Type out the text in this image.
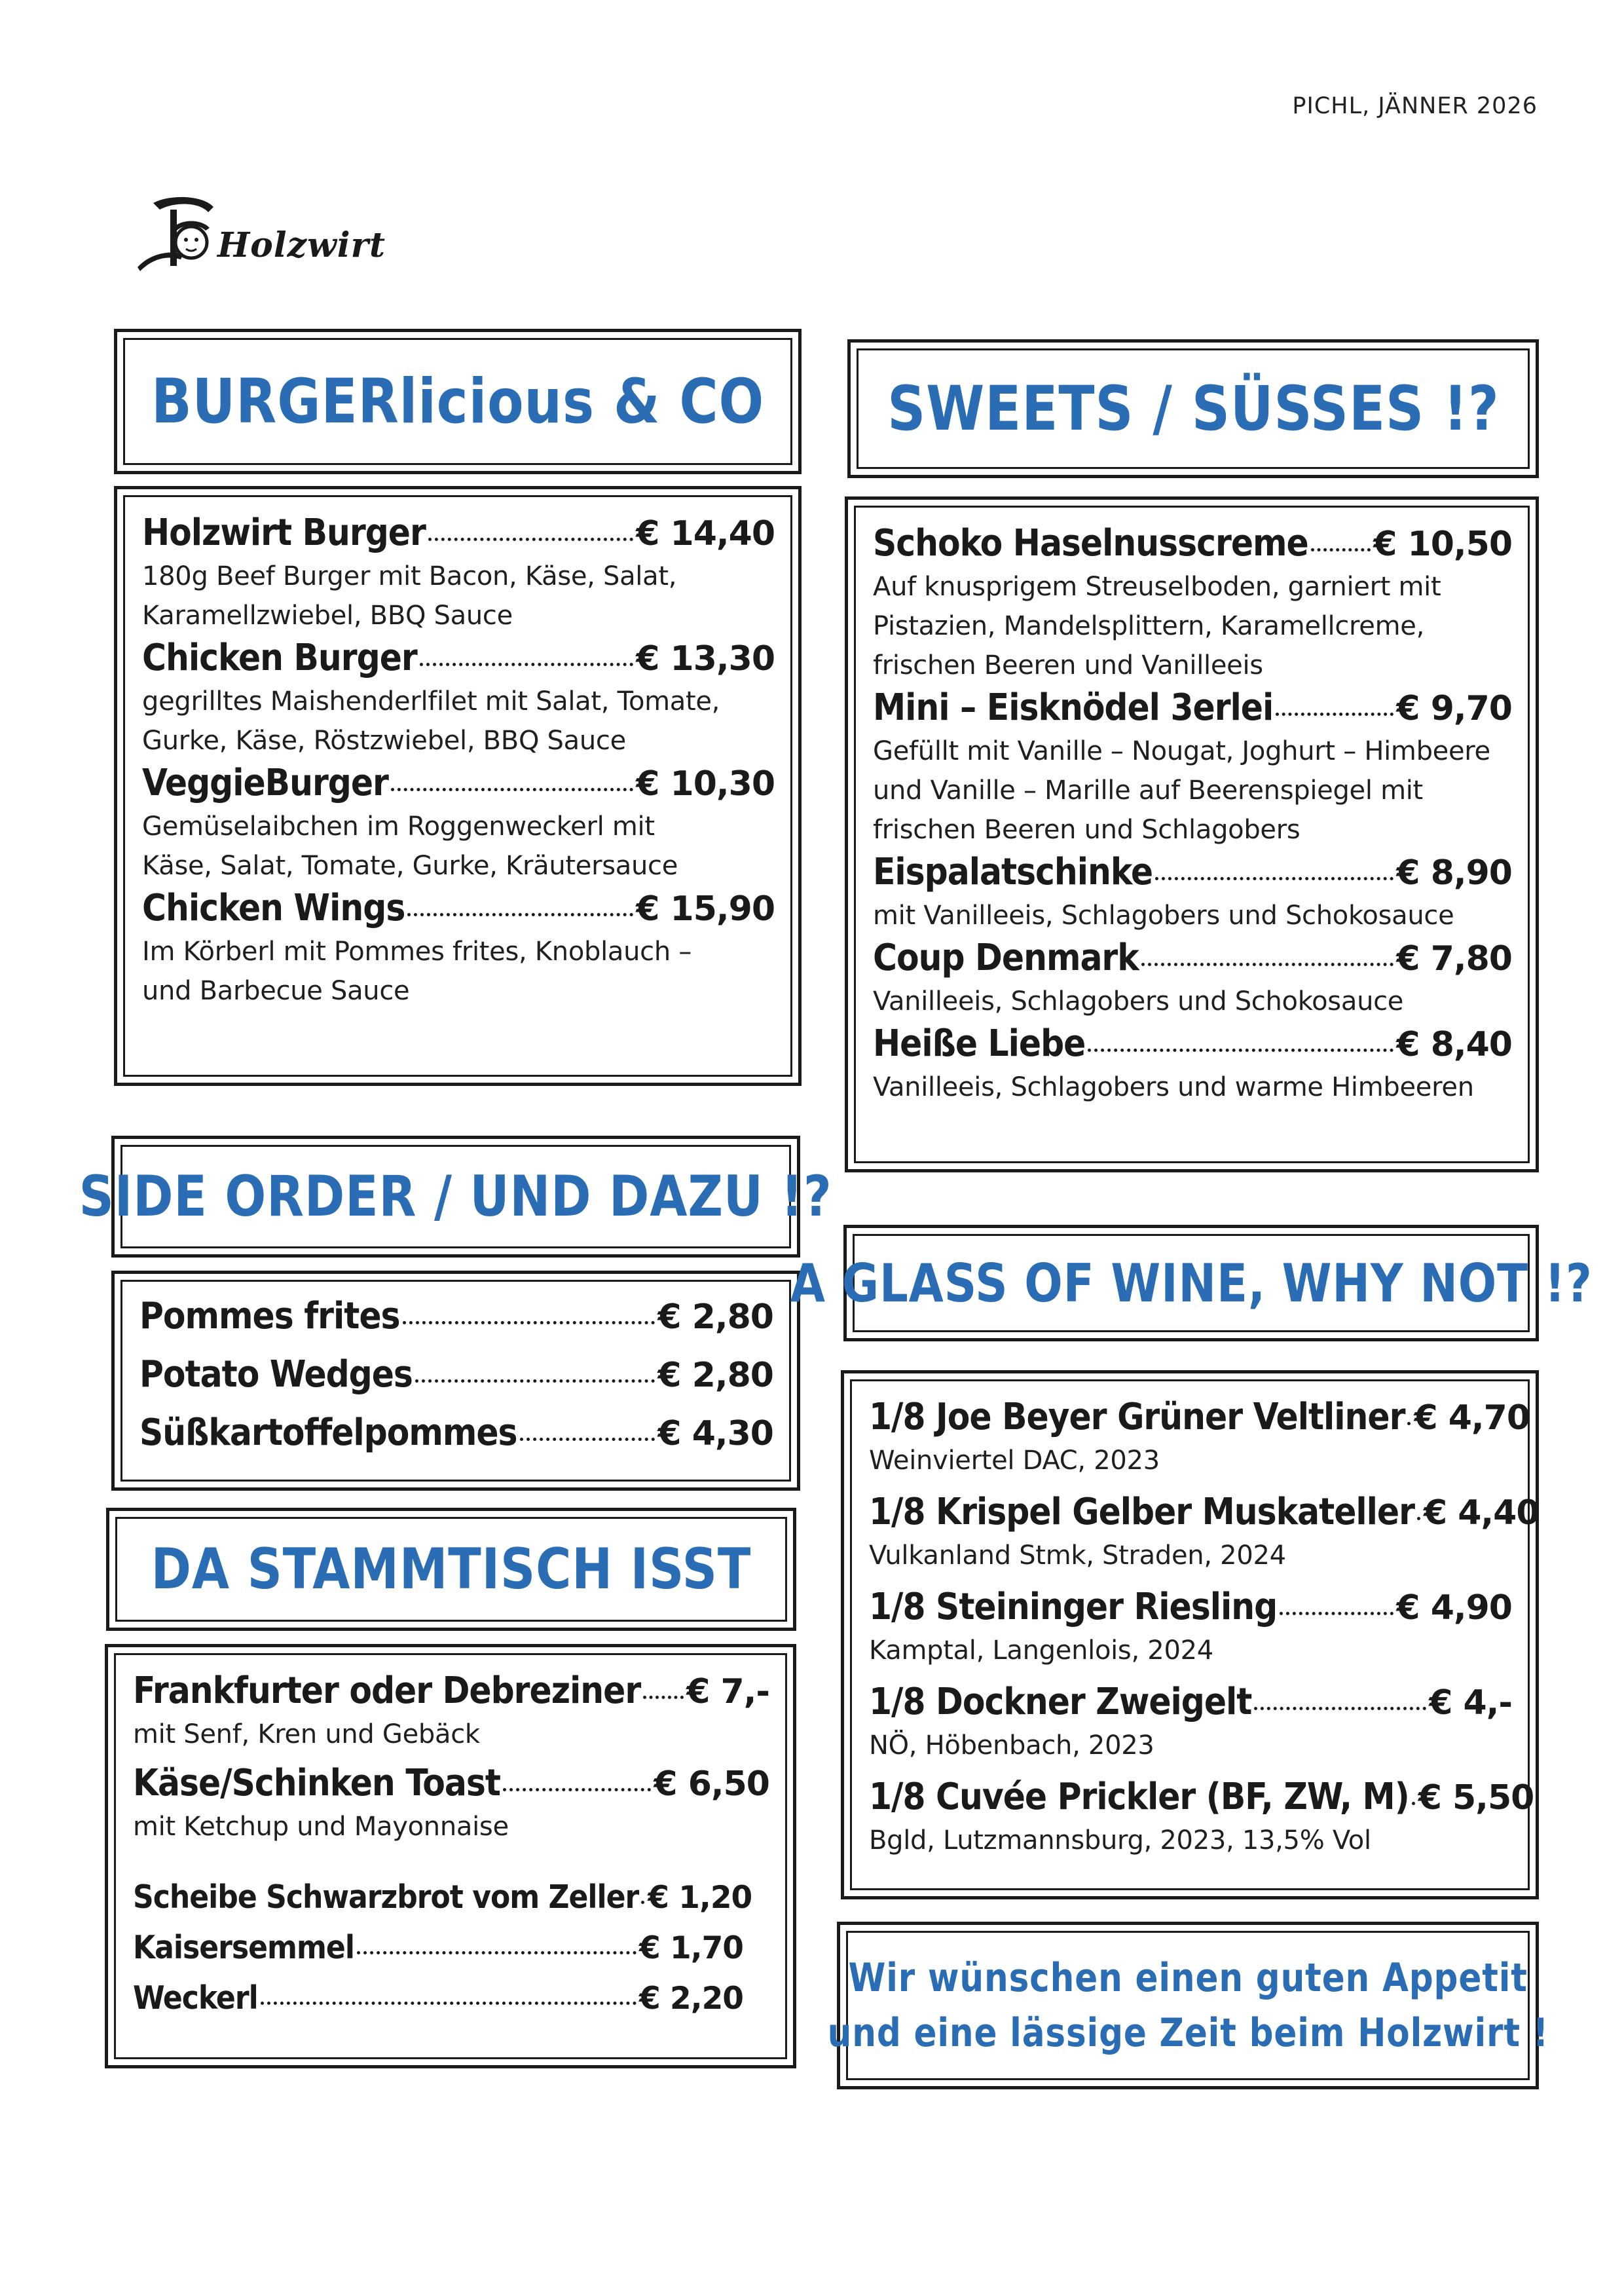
PICHL, JÄNNER 2026
Holzwirt
BURGERlicious & CO
Holzwirt Burger	€ 14,40
180g Beef Burger mit Bacon, Käse, Salat,
Karamellzwiebel, BBQ Sauce
Chicken Burger	€ 13,30
gegrilltes Maishenderlfilet mit Salat, Tomate,
Gurke, Käse, Röstzwiebel, BBQ Sauce
VeggieBurger	€ 10,30
Gemüselaibchen im Roggenweckerl mit
Käse, Salat, Tomate, Gurke, Kräutersauce
Chicken Wings	€ 15,90
Im Körberl mit Pommes frites, Knoblauch –
und Barbecue Sauce
SIDE ORDER / UND DAZU !?
Pommes frites	€ 2,80
Potato Wedges	€ 2,80
Süßkartoffelpommes	€ 4,30
DA STAMMTISCH ISST
Frankfurter oder Debreziner € 7,-
mit Senf, Kren und Gebäck
Käse/Schinken Toast	€ 6,50
mit Ketchup und Mayonnaise
Scheibe Schwarzbrot vom Zeller € 1,20
Kaisersemmel	€ 1,70
Weckerl	€ 2,20
SWEETS / SÜSSES !?
Schoko Haselnusscreme € 10,50
Auf knusprigem Streuselboden, garniert mit
Pistazien, Mandelsplittern, Karamellcreme,
frischen Beeren und Vanilleeis
Mini – Eisknödel 3erlei	€ 9,70
Gefüllt mit Vanille – Nougat, Joghurt – Himbeere
und Vanille – Marille auf Beerenspiegel mit
frischen Beeren und Schlagobers
Eispalatschinke	€ 8,90
mit Vanilleeis, Schlagobers und Schokosauce
Coup Denmark	€ 7,80
Vanilleeis, Schlagobers und Schokosauce
Heiße Liebe	€ 8,40
Vanilleeis, Schlagobers und warme Himbeeren
A GLASS OF WINE, WHY NOT !?
1/8 Joe Beyer Grüner Veltliner € 4,70
Weinviertel DAC, 2023
1/8 Krispel Gelber Muskateller € 4,40
Vulkanland Stmk, Straden, 2024
1/8 Steininger Riesling	€ 4,90
Kamptal, Langenlois, 2024
1/8 Dockner Zweigelt	€ 4,-
NÖ, Höbenbach, 2023
1/8 Cuvée Prickler (BF, ZW, M) € 5,50
Bgld, Lutzmannsburg, 2023, 13,5% Vol
Wir wünschen einen guten Appetit
und eine lässige Zeit beim Holzwirt !
